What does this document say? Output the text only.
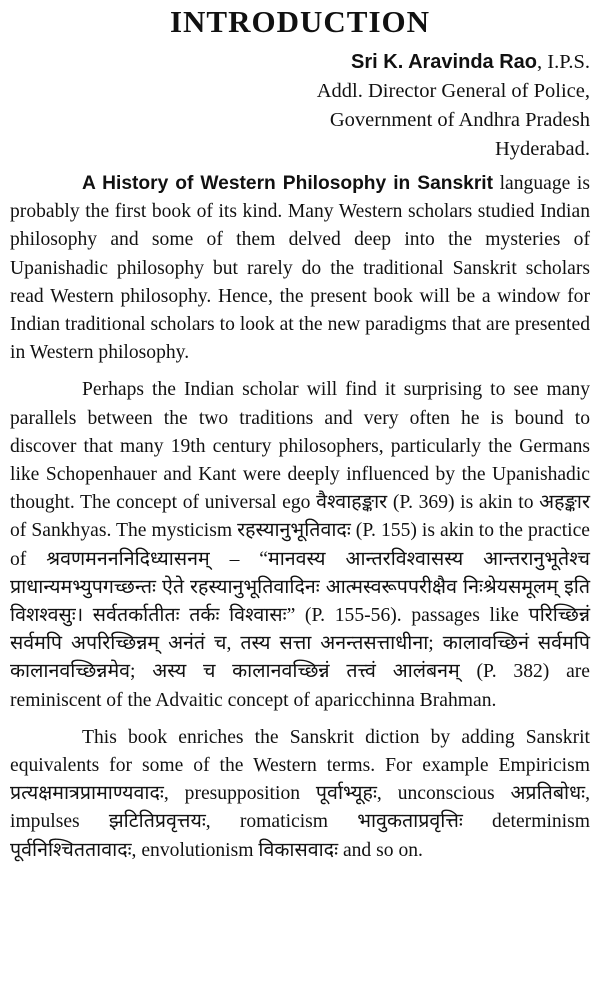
INTRODUCTION
Sri K. Aravinda Rao, I.P.S.
Addl. Director General of Police,
Government of Andhra Pradesh
Hyderabad.

A History of Western Philosophy in Sanskrit language is probably the first book of its kind. Many Western scholars studied Indian philosophy and some of them delved deep into the mysteries of Upanishadic philosophy but rarely do the traditional Sanskrit scholars read Western philosophy. Hence, the present book will be a window for Indian traditional scholars to look at the new paradigms that are presented in Western philosophy.

Perhaps the Indian scholar will find it surprising to see many parallels between the two traditions and very often he is bound to discover that many 19th century philosophers, particularly the Germans like Schopenhauer and Kant were deeply influenced by the Upanishadic thought. The concept of universal ego वैश्वाहङ्कार (P. 369) is akin to अहङ्कार of Sankhyas. The mysticism रहस्यानुभूतिवादः (P. 155) is akin to the practice of श्रवणमनननिदिध्यासनम् – “मानवस्य आन्तरविश्वासस्य आन्तरानुभूतेश्च प्राधान्यमभ्युपगच्छन्तः ऐते रहस्यानुभूतिवादिनः आत्मस्वरूपपरीक्षैव निःश्रेयसमूलम् इति विशश्वसुः। सर्वतर्कातीतः तर्कः विश्वासः” (P. 155-56). passages like परिच्छिन्नं सर्वमपि अपरिच्छिन्नम् अनंतं च, तस्य सत्ता अनन्तसत्ताधीना; कालावच्छिनं सर्वमपि कालानवच्छिन्नमेव; अस्य च कालानवच्छिन्नं तत्त्वं आलंबनम् (P. 382) are reminiscent of the Advaitic concept of aparicchinna Brahman.

This book enriches the Sanskrit diction by adding Sanskrit equivalents for some of the Western terms. For example Empiricism प्रत्यक्षमात्रप्रामाण्यवादः, presupposition पूर्वाभ्यूहः, unconscious अप्रतिबोधः, impulses झटितिप्रवृत्तयः, romaticism भावुकताप्रवृत्तिः determinism पूर्वनिश्चिततावादः, envolutionism विकासवादः and so on.
